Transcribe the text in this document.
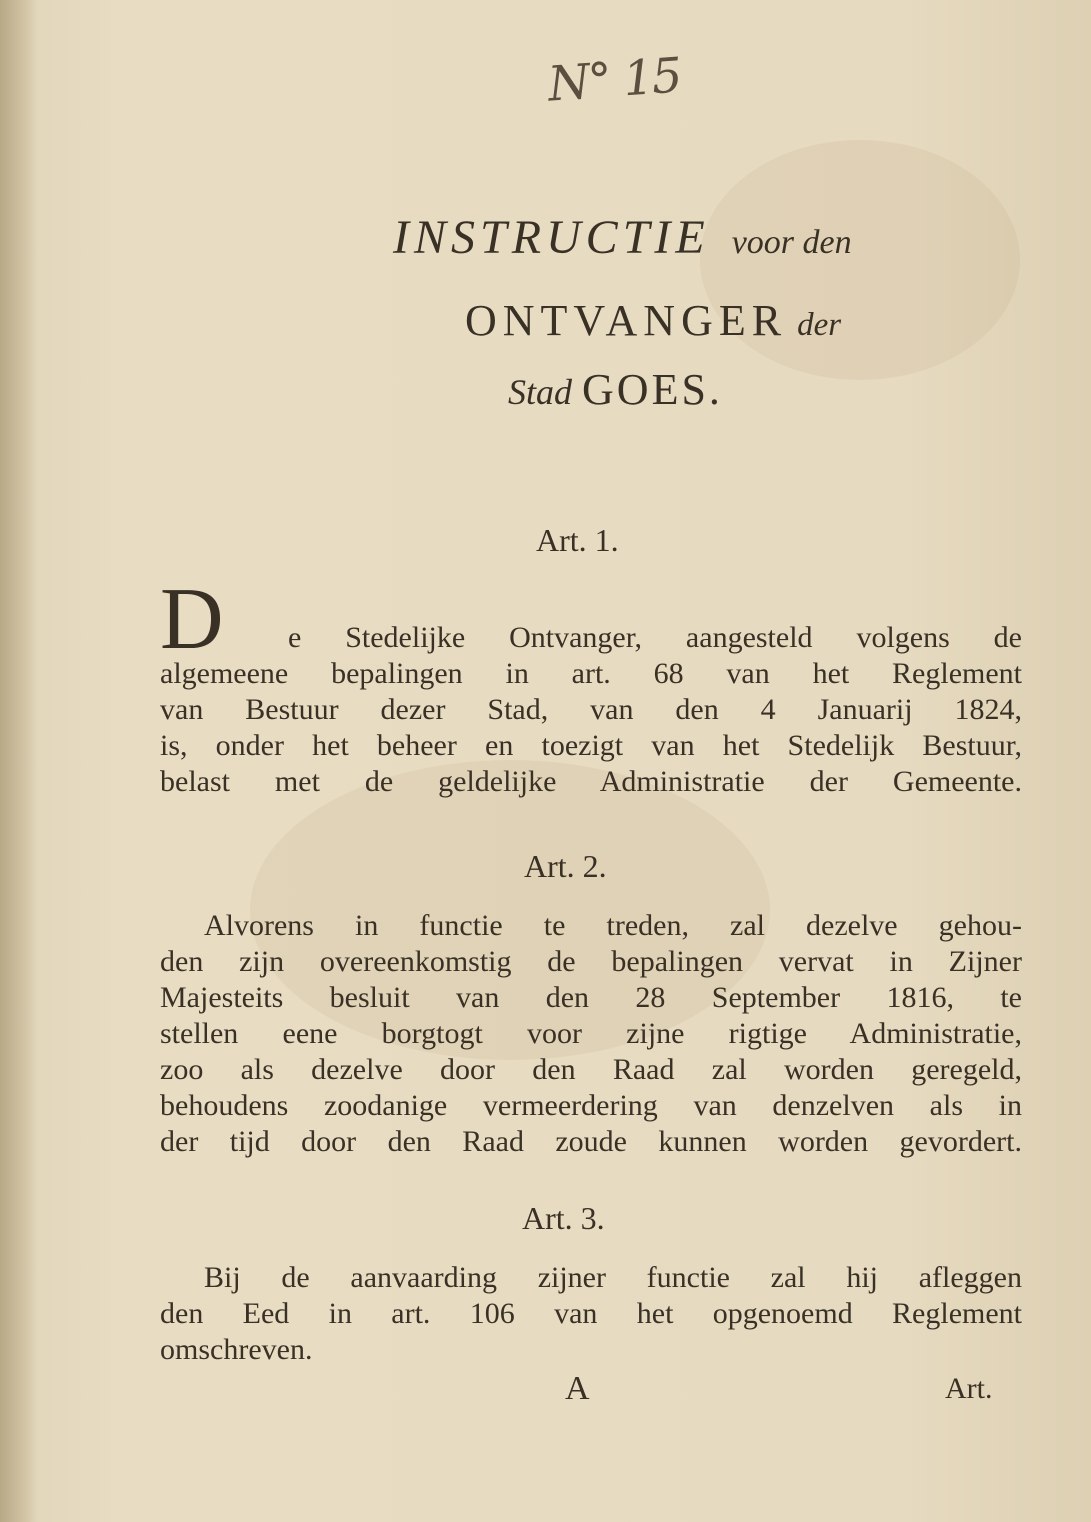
N° 15
INSTRUCTIE voor den
ONTVANGER der
Stad GOES.
Art. 1.
D	e Stedelijke Ontvanger, aangesteld volgens de
algemeene bepalingen in art. 68 van het Reglement
van Bestuur dezer Stad, van den 4 Januarij 1824,
is, onder het beheer en toezigt van het Stedelijk Bestuur,
belast met de geldelijke Administratie der Gemeente.
Art. 2.
Alvorens in functie te treden, zal dezelve gehou-
den zijn overeenkomstig de bepalingen vervat in Zijner
Majesteits besluit van den 28 September 1816, te
stellen eene borgtogt voor zijne rigtige Administratie,
zoo als dezelve door den Raad zal worden geregeld,
behoudens zoodanige vermeerdering van denzelven als in
der tijd door den Raad zoude kunnen worden gevordert.
Art. 3.
Bij de aanvaarding zijner functie zal hij afleggen
den Eed in art. 106 van het opgenoemd Reglement
omschreven.
A	Art.
